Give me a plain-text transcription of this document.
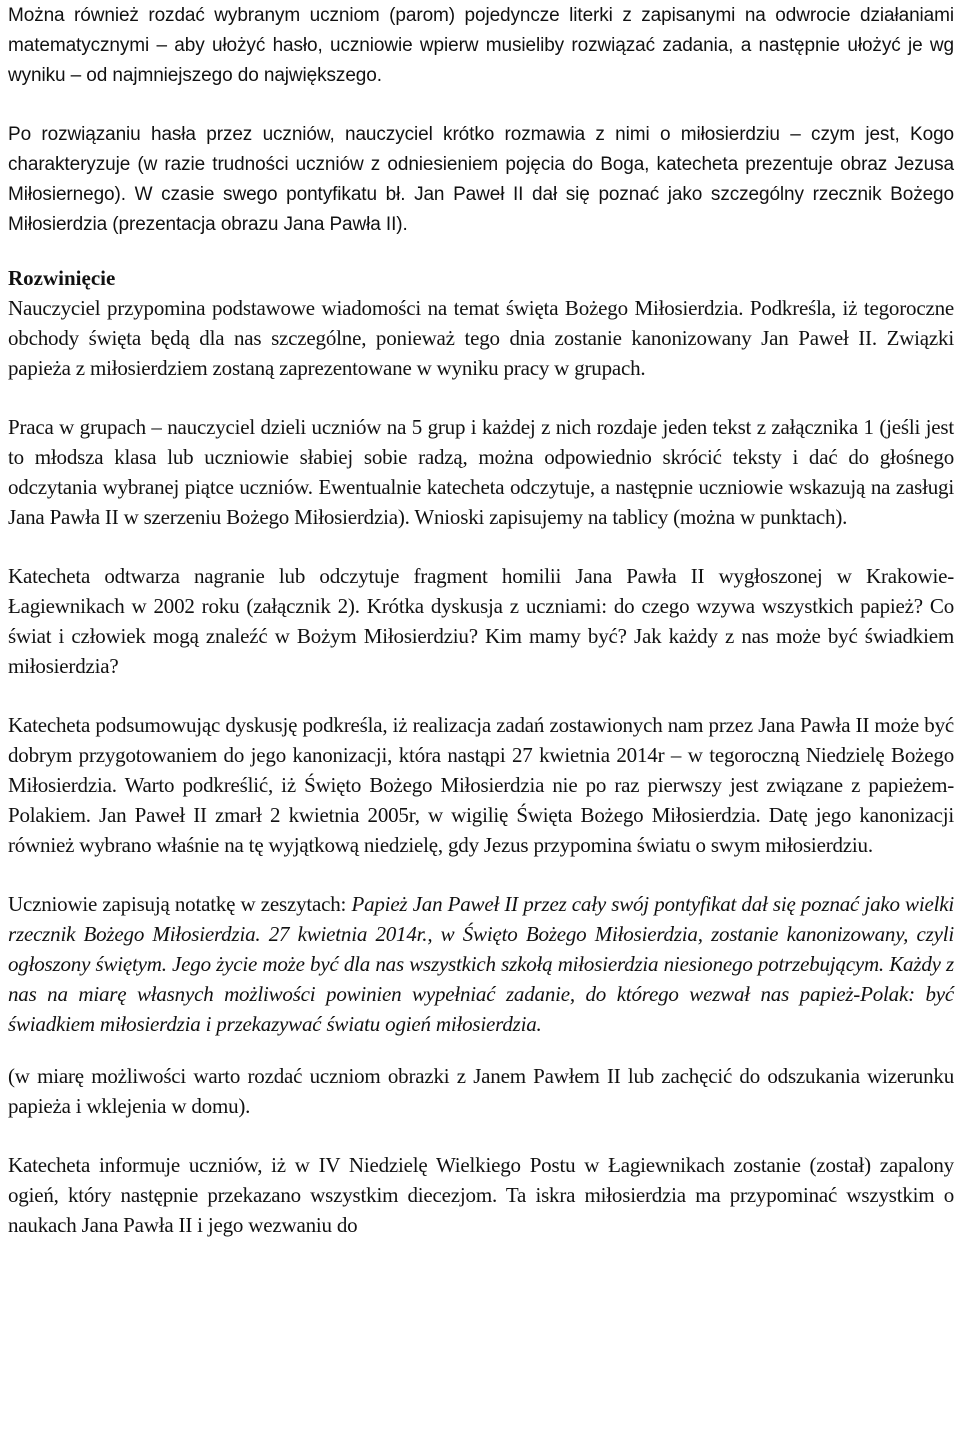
Można również rozdać wybranym uczniom (parom) pojedyncze literki z zapisanymi na odwrocie działaniami matematycznymi – aby ułożyć hasło, uczniowie wpierw musieliby rozwiązać zadania, a następnie ułożyć je wg wyniku – od najmniejszego do największego.

Po rozwiązaniu hasła przez uczniów, nauczyciel krótko rozmawia z nimi o miłosierdziu – czym jest, Kogo charakteryzuje (w razie trudności uczniów z odniesieniem pojęcia do Boga, katecheta prezentuje obraz Jezusa Miłosiernego). W czasie swego pontyfikatu bł. Jan Paweł II dał się poznać jako szczególny rzecznik Bożego Miłosierdzia (prezentacja obrazu Jana Pawła II).

Rozwinięcie

Nauczyciel przypomina podstawowe wiadomości na temat święta Bożego Miłosierdzia. Podkreśla, iż tegoroczne obchody święta będą dla nas szczególne, ponieważ tego dnia zostanie kanonizowany Jan Paweł II. Związki papieża z miłosierdziem zostaną zaprezentowane w wyniku pracy w grupach.

Praca w grupach – nauczyciel dzieli uczniów na 5 grup i każdej z nich rozdaje jeden tekst z załącznika 1 (jeśli jest to młodsza klasa lub uczniowie słabiej sobie radzą, można odpowiednio skrócić teksty i dać do głośnego odczytania wybranej piątce uczniów. Ewentualnie katecheta odczytuje, a następnie uczniowie wskazują na zasługi Jana Pawła II w szerzeniu Bożego Miłosierdzia). Wnioski zapisujemy na tablicy (można w punktach).

Katecheta odtwarza nagranie lub odczytuje fragment homilii Jana Pawła II wygłoszonej w Krakowie-Łagiewnikach w 2002 roku (załącznik 2). Krótka dyskusja z uczniami: do czego wzywa wszystkich papież? Co świat i człowiek mogą znaleźć w Bożym Miłosierdziu? Kim mamy być? Jak każdy z nas może być świadkiem miłosierdzia?

Katecheta podsumowując dyskusję podkreśla, iż realizacja zadań zostawionych nam przez Jana Pawła II może być dobrym przygotowaniem do jego kanonizacji, która nastąpi 27 kwietnia 2014r – w tegoroczną Niedzielę Bożego Miłosierdzia. Warto podkreślić, iż Święto Bożego Miłosierdzia nie po raz pierwszy jest związane z papieżem-Polakiem. Jan Paweł II zmarł 2 kwietnia 2005r, w wigilię Święta Bożego Miłosierdzia. Datę jego kanonizacji również wybrano właśnie na tę wyjątkową niedzielę, gdy Jezus przypomina światu o swym miłosierdziu.

Uczniowie zapisują notatkę w zeszytach: Papież Jan Paweł II przez cały swój pontyfikat dał się poznać jako wielki rzecznik Bożego Miłosierdzia. 27 kwietnia 2014r., w Święto Bożego Miłosierdzia, zostanie kanonizowany, czyli ogłoszony świętym. Jego życie może być dla nas wszystkich szkołą miłosierdzia niesionego potrzebującym. Każdy z nas na miarę własnych możliwości powinien wypełniać zadanie, do którego wezwał nas papież-Polak: być świadkiem miłosierdzia i przekazywać światu ogień miłosierdzia.

(w miarę możliwości warto rozdać uczniom obrazki z Janem Pawłem II lub zachęcić do odszukania wizerunku papieża i wklejenia w domu).

Katecheta informuje uczniów, iż w IV Niedzielę Wielkiego Postu w Łagiewnikach zostanie (został) zapalony ogień, który następnie przekazano wszystkim diecezjom. Ta iskra miłosierdzia ma przypominać wszystkim o naukach Jana Pawła II i jego wezwaniu do
